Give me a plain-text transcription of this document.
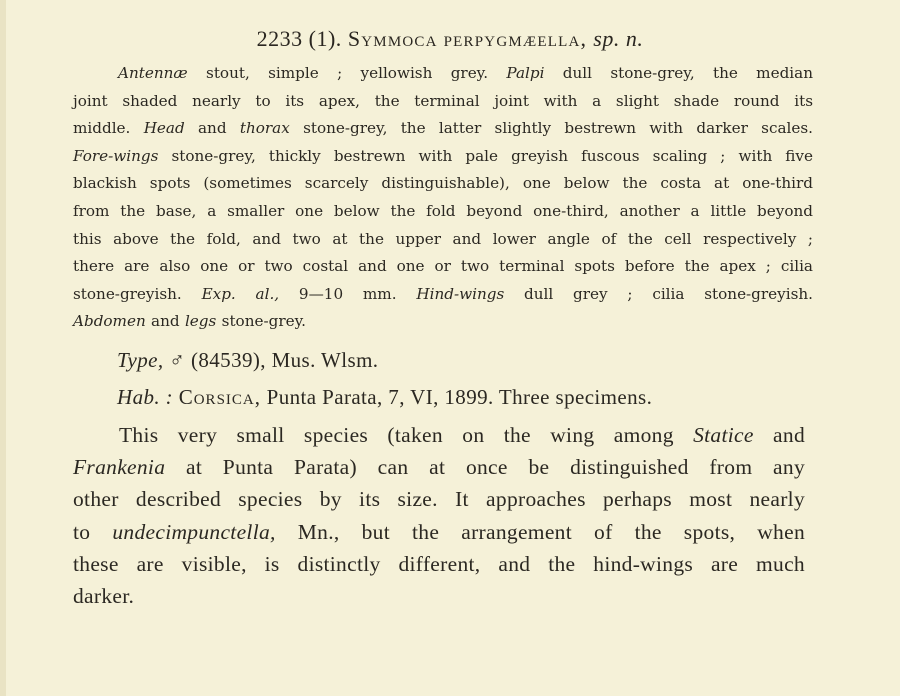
2233 (1). Symmoca perpygmæella, sp. n.

Antennæ stout, simple ; yellowish grey. Palpi dull stone-grey, the median

joint shaded nearly to its apex, the terminal joint with a slight shade round its

middle. Head and thorax stone-grey, the latter slightly bestrewn with darker scales.

Fore-wings stone-grey, thickly bestrewn with pale greyish fuscous scaling ; with five

blackish spots (sometimes scarcely distinguishable), one below the costa at one-third

from the base, a smaller one below the fold beyond one-third, another a little beyond

this above the fold, and two at the upper and lower angle of the cell respectively ;

there are also one or two costal and one or two terminal spots before the apex ; cilia

stone-greyish. Exp. al., 9—10 mm. Hind-wings dull grey ; cilia stone-greyish.

Abdomen and legs stone-grey.

Type, ♂ (84539), Mus. Wlsm.
Hab. : Corsica, Punta Parata, 7, VI, 1899. Three specimens.

This very small species (taken on the wing among Statice and

Frankenia at Punta Parata) can at once be distinguished from any

other described species by its size. It approaches perhaps most nearly

to undecimpunctella, Mn., but the arrangement of the spots, when

these are visible, is distinctly different, and the hind-wings are much

darker.
